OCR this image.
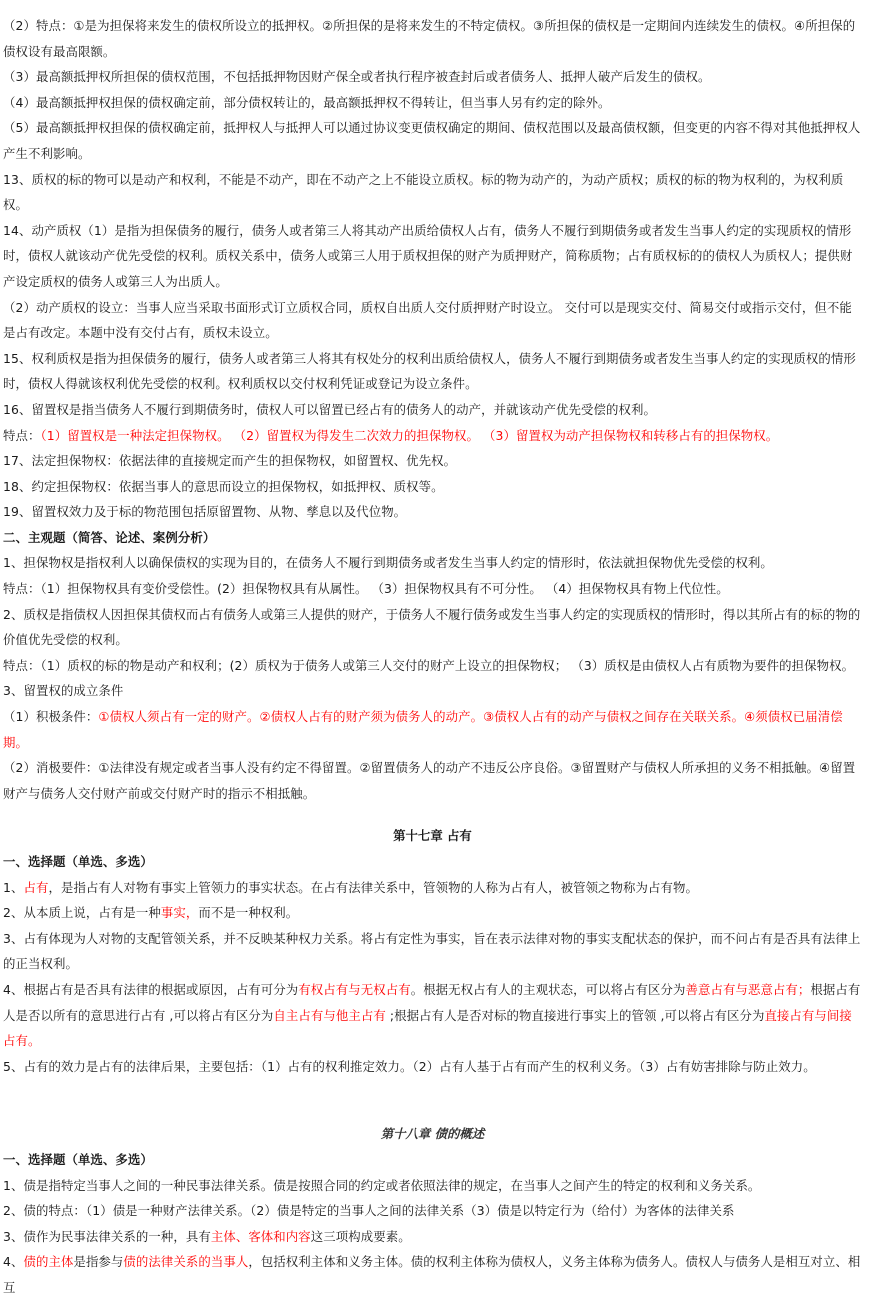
（2）特点：①是为担保将来发生的债权所设立的抵押权。②所担保的是将来发生的不特定债权。③所担保的债权是一定期间内连续发生的债权。④所担保的债权设有最高限额。

（3）最高额抵押权所担保的债权范围，不包括抵押物因财产保全或者执行程序被查封后或者债务人、抵押人破产后发生的债权。

（4）最高额抵押权担保的债权确定前，部分债权转让的，最高额抵押权不得转让，但当事人另有约定的除外。

（5）最高额抵押权担保的债权确定前，抵押权人与抵押人可以通过协议变更债权确定的期间、债权范围以及最高债权额，但变更的内容不得对其他抵押权人产生不利影响。

13、质权的标的物可以是动产和权利，不能是不动产，即在不动产之上不能设立质权。标的物为动产的，为动产质权；质权的标的物为权利的，为权利质权。

14、动产质权（1）是指为担保债务的履行，债务人或者第三人将其动产出质给债权人占有，债务人不履行到期债务或者发生当事人约定的实现质权的情形时，债权人就该动产优先受偿的权利。质权关系中，债务人或第三人用于质权担保的财产为质押财产，简称质物；占有质权标的的债权人为质权人；提供财产设定质权的债务人或第三人为出质人。

（2）动产质权的设立：当事人应当采取书面形式订立质权合同，质权自出质人交付质押财产时设立。 交付可以是现实交付、简易交付或指示交付，但不能是占有改定。本题中没有交付占有，质权未设立。

15、权利质权是指为担保债务的履行，债务人或者第三人将其有权处分的权利出质给债权人，债务人不履行到期债务或者发生当事人约定的实现质权的情形时，债权人得就该权利优先受偿的权利。权利质权以交付权利凭证或登记为设立条件。

16、留置权是指当债务人不履行到期债务时，债权人可以留置已经占有的债务人的动产，并就该动产优先受偿的权利。

特点：（1）留置权是一种法定担保物权。 （2）留置权为得发生二次效力的担保物权。 （3）留置权为动产担保物权和转移占有的担保物权。

17、法定担保物权：依据法律的直接规定而产生的担保物权，如留置权、优先权。

18、约定担保物权：依据当事人的意思而设立的担保物权，如抵押权、质权等。

19、留置权效力及于标的物范围包括原留置物、从物、孳息以及代位物。

二、主观题（简答、论述、案例分析）

1、担保物权是指权利人以确保债权的实现为目的，在债务人不履行到期债务或者发生当事人约定的情形时，依法就担保物优先受偿的权利。

特点：（1）担保物权具有变价受偿性。(2）担保物权具有从属性。 （3）担保物权具有不可分性。 （4）担保物权具有物上代位性。

2、质权是指债权人因担保其债权而占有债务人或第三人提供的财产，于债务人不履行债务或发生当事人约定的实现质权的情形时，得以其所占有的标的物的价值优先受偿的权利。

特点：（1）质权的标的物是动产和权利；(2）质权为于债务人或第三人交付的财产上设立的担保物权； （3）质权是由债权人占有质物为要件的担保物权。

3、留置权的成立条件

（1）积极条件：①债权人须占有一定的财产。②债权人占有的财产须为债务人的动产。③债权人占有的动产与债权之间存在关联关系。④须债权已届清偿期。

（2）消极要件：①法律没有规定或者当事人没有约定不得留置。②留置债务人的动产不违反公序良俗。③留置财产与债权人所承担的义务不相抵触。④留置财产与债务人交付财产前或交付财产时的指示不相抵触。

第十七章 占有

一、选择题（单选、多选）

1、占有，是指占有人对物有事实上管领力的事实状态。在占有法律关系中，管领物的人称为占有人，被管领之物称为占有物。

2、从本质上说，占有是一种事实，而不是一种权利。

3、占有体现为人对物的支配管领关系，并不反映某种权力关系。将占有定性为事实，旨在表示法律对物的事实支配状态的保护，而不问占有是否具有法律上的正当权利。

4、根据占有是否具有法律的根据或原因，占有可分为有权占有与无权占有。根据无权占有人的主观状态，可以将占有区分为善意占有与恶意占有；根据占有人是否以所有的意思进行占有 ,可以将占有区分为自主占有与他主占有 ;根据占有人是否对标的物直接进行事实上的管领 ,可以将占有区分为直接占有与间接占有。

5、占有的效力是占有的法律后果，主要包括：（1）占有的权利推定效力。（2）占有人基于占有而产生的权利义务。（3）占有妨害排除与防止效力。

第十八章 债的概述

一、选择题（单选、多选）

1、债是指特定当事人之间的一种民事法律关系。债是按照合同的约定或者依照法律的规定，在当事人之间产生的特定的权利和义务关系。

2、债的特点：（1）债是一种财产法律关系。（2）债是特定的当事人之间的法律关系（3）债是以特定行为（给付）为客体的法律关系

3、债作为民事法律关系的一种，具有主体、客体和内容这三项构成要素。

4、债的主体是指参与债的法律关系的当事人，包括权利主体和义务主体。债的权利主体称为债权人，义务主体称为债务人。债权人与债务人是相互对立、相互
